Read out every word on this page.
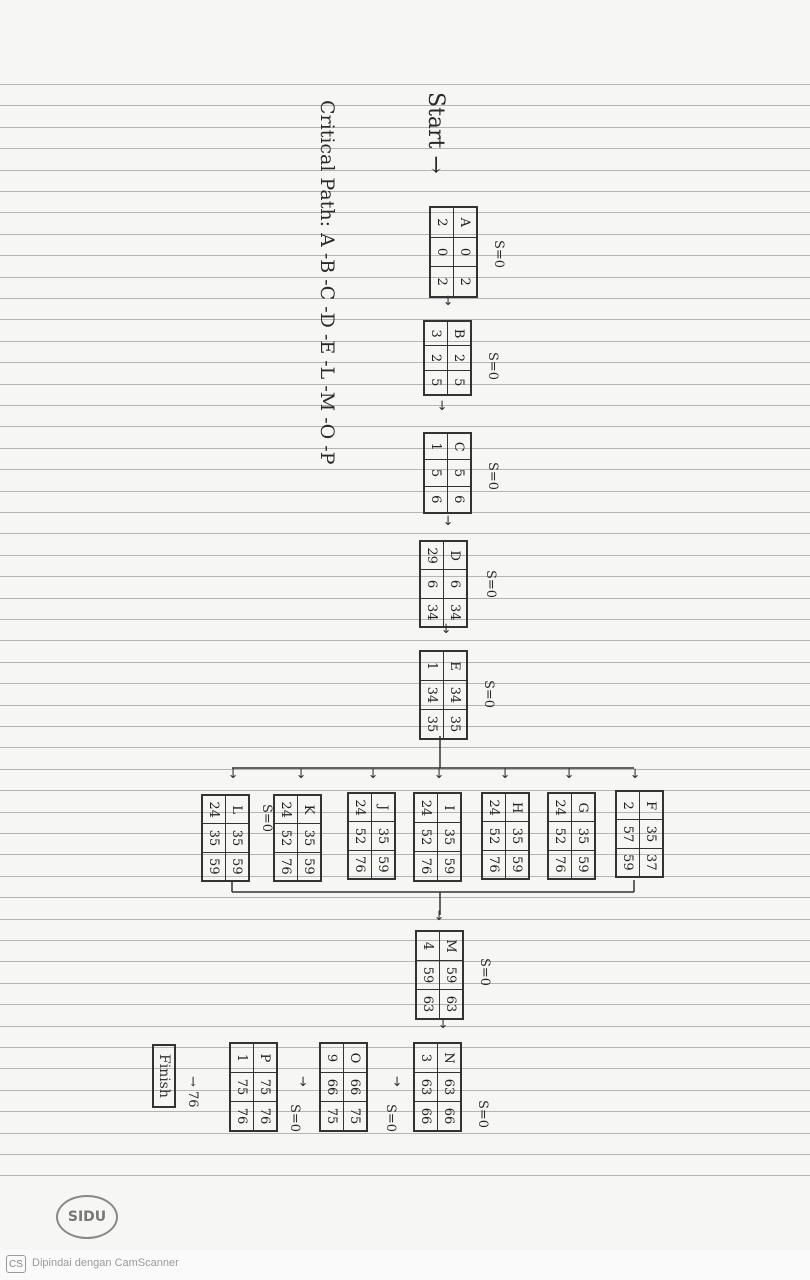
Start →
Critical Path: A -B -C -D -E -L -M -O -P	A
0
2
2
0
2
S=0
→
B
2
5
3
2
5
S=0
→
C
5
6
1
5
6
S=0
→
D
6
34
29
6
34
S=0
→
E
34
35
1
34
35
S=0
→
→
→
→
→
→
→
F
35
37
2
57
59
G
35
59
24
52
76
H
35
59
24
52
76
I
35
59
24
52
76
J
35
59
24
52
76
K
35
59
24
52
76
S=0
L
35
59
24
35
59
→
M
59
63
4
59
63
S=0
→
N
63
66
3
63
66	S=0
→
S=0
O
66
75
9
66
75
→
S=0
P
75
76
1
75
76
→ 76
Finish
SIDU
CS Dipindai dengan CamScanner
